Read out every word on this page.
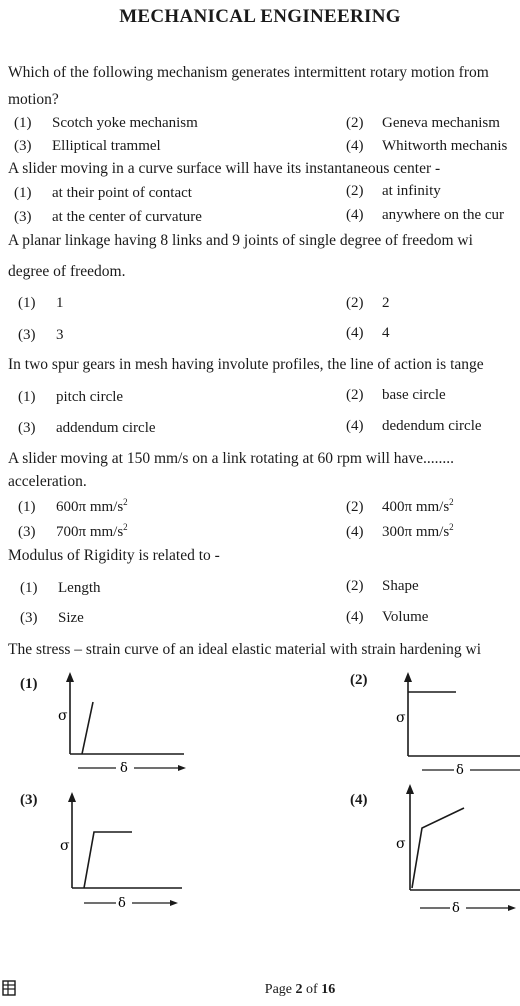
MECHANICAL ENGINEERING
Which of the following mechanism generates intermittent rotary motion from
motion?
(1) Scotch yoke mechanism	(2) Geneva mechanism
(3) Elliptical trammel	(4) Whitworth mechanis
A slider moving in a curve surface will have its instantaneous center -
(1) at their point of contact	(2) at infinity
(3) at the center of curvature	(4) anywhere on the cur
A planar linkage having 8 links and 9 joints of single degree of freedom wi
degree of freedom.
(1) 1	(2) 2
(3) 3	(4) 4
In two spur gears in mesh having involute profiles, the line of action is tange
(1) pitch circle	(2) base circle
(3) addendum circle	(4) dedendum circle
A slider moving at 150 mm/s on a link rotating at 60 rpm will have........
acceleration.
(1) 600π $mm/s^2$	(2) 400π $mm/s^2$
(3) 700π $mm/s^2$	(4) 300π $mm/s^2$
Modulus of Rigidity is related to -
(1) Length	(2) Shape
(3) Size	(4) Volume
The stress – strain curve of an ideal elastic material with strain hardening wi
(1)	(2)
(3)	(4)
σ
δ
σ
δ
σ
δ
σ
δ
Page 2 of 16
